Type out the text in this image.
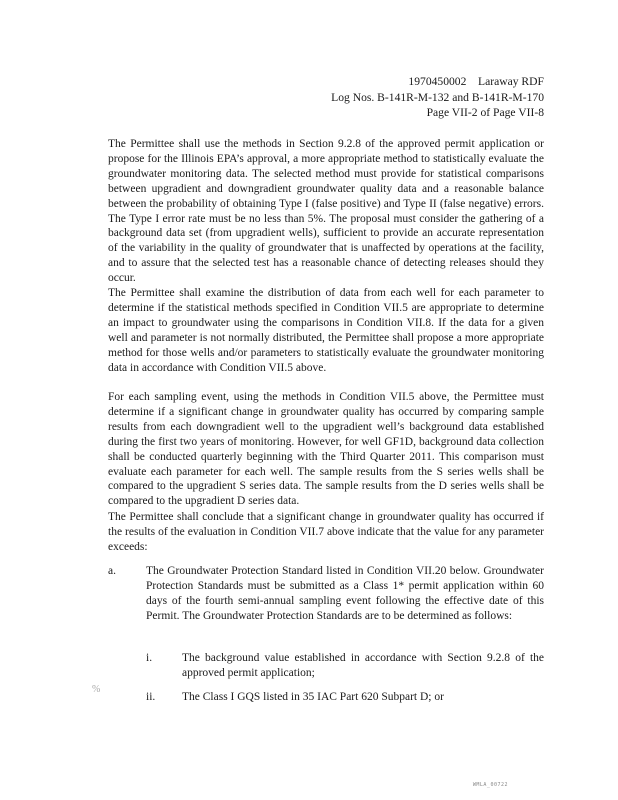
1970450002    Laraway RDF
Log Nos. B-141R-M-132 and B-141R-M-170
Page VII-2 of Page VII-8

The Permittee shall use the methods in Section 9.2.8 of the approved permit application or propose for the Illinois EPA’s approval, a more appropriate method to statistically evaluate the groundwater monitoring data. The selected method must provide for statistical comparisons between upgradient and downgradient groundwater quality data and a reasonable balance between the probability of obtaining Type I (false positive) and Type II (false negative) errors. The Type I error rate must be no less than 5%. The proposal must consider the gathering of a background data set (from upgradient wells), sufficient to provide an accurate representation of the variability in the quality of groundwater that is unaffected by operations at the facility, and to assure that the selected test has a reasonable chance of detecting releases should they occur.

The Permittee shall examine the distribution of data from each well for each parameter to determine if the statistical methods specified in Condition VII.5 are appropriate to determine an impact to groundwater using the comparisons in Condition VII.8. If the data for a given well and parameter is not normally distributed, the Permittee shall propose a more appropriate method for those wells and/or parameters to statistically evaluate the groundwater monitoring data in accordance with Condition VII.5 above.

For each sampling event, using the methods in Condition VII.5 above, the Permittee must determine if a significant change in groundwater quality has occurred by comparing sample results from each downgradient well to the upgradient well’s background data established during the first two years of monitoring. However, for well GF1D, background data collection shall be conducted quarterly beginning with the Third Quarter 2011. This comparison must evaluate each parameter for each well. The sample results from the S series wells shall be compared to the upgradient S series data. The sample results from the D series wells shall be compared to the upgradient D series data.

The Permittee shall conclude that a significant change in groundwater quality has occurred if the results of the evaluation in Condition VII.7 above indicate that the value for any parameter exceeds:

a.	The Groundwater Protection Standard listed in Condition VII.20 below. Groundwater Protection Standards must be submitted as a Class 1* permit application within 60 days of the fourth semi-annual sampling event following the effective date of this Permit. The Groundwater Protection Standards are to be determined as follows:
i.	The background value established in accordance with Section 9.2.8 of the approved permit application;
ii. The Class I GQS listed in 35 IAC Part 620 Subpart D; or
%
WMLA_00722
